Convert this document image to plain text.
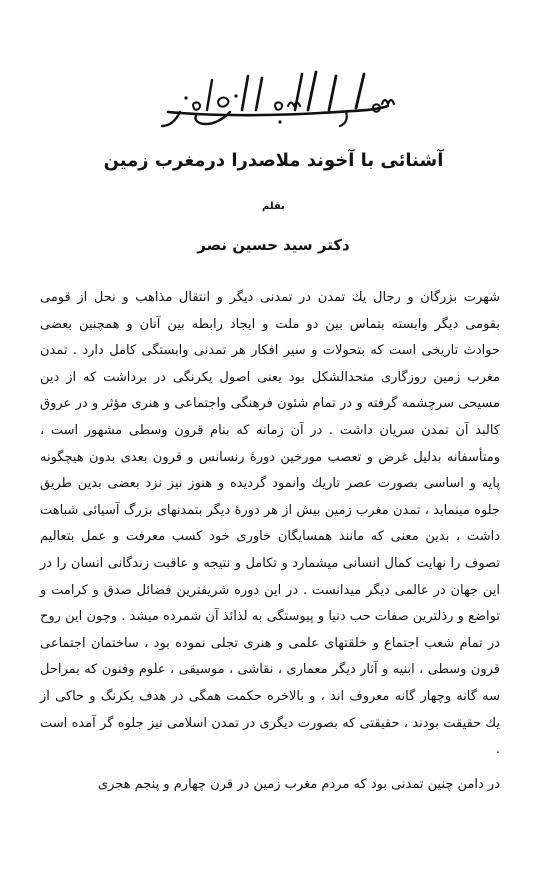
آشنائی با آخوند ملاصدرا درمغرب زمین
بقلم
دکتر سید حسین نصر

شهرت بزرگان و رجال یك تمدن در تمدنی دیگر و انتقال مذاهب و نحل از قومی بقومی دیگر وابسته بتماس بین دو ملت و ایجاد رابطه بین آنان و همچنین بعضی حوادث تاریخی است که بتحولات و سیر افکار هر تمدنی وابستگی کامل دارد . تمدن مغرب زمین روزگاری متحدالشکل بود یعنی اصول یکرنگی در برداشت که از دین مسیحی سرچشمه گرفته و در تمام شئون فرهنگی واجتماعی و هنری مؤثر و در عروق کالبد آن تمدن سریان داشت . در آن زمانه که بنام قرون وسطی مشهور است ، ومتأسفانه بدلیل غرض و تعصب مورخین دورهٔ رنسانس و قرون بعدی بدون هیچگونه پایه و اساسی بصورت عصر تاریك وانمود گردیده و هنوز نیز نزد بعضی بدین طریق جلوه مینماید ، تمدن مغرب زمین بیش از هر دورهٔ دیگر بتمدنهای بزرگ آسیائی شباهت داشت ، بدین معنی که مانند همسایگان خاوری خود کسب معرفت و عمل بتعالیم تصوف را نهایت کمال انسانی میشمارد و تکامل و نتیجه و عاقبت زندگانی انسان را در این جهان در عالمی دیگر میدانست . در این دوره شریفترین فضائل صدق و کرامت و تواضع و رذلترین صفات حب دنیا و پیوستگی به لذائذ آن شمرده میشد . وچون این روح در تمام شعب اجتماع و خلقتهای علمی و هنری تجلی نموده بود ، ساختمان اجتماعی قرون وسطی ، ابنیه و آثار دیگر معماری ، نقاشی ، موسیقی ، علوم وفنون که بمراحل سه گانه وچهار گانه معروف اند ، و بالاخره حکمت همگی در هدف یکرنگ و حاکی از یك حقیقت بودند ، حقیقتی که بصورت دیگری در تمدن اسلامی نیز جلوه گر آمده است .

در دامن چنین تمدنی بود که مردم مغرب زمین در قرن چهارم و پنجم هجری
